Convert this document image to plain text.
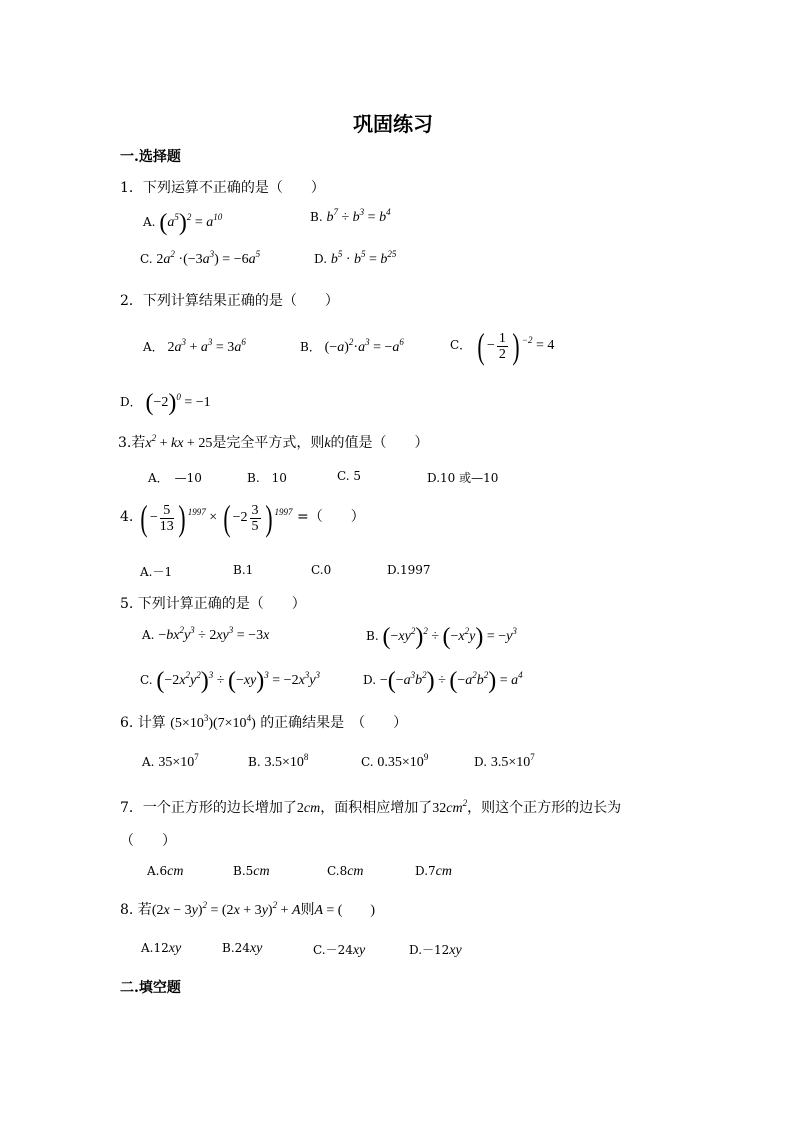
巩固练习
一.选择题
1．下列运算不正确的是（　　）
A. $(a^5)^2 = a^{10}$	B. $b^7 \div b^3 = b^4$
C. $2a^2 \cdot(-3a^3) = -6a^5$	D. $b^5 \cdot b^5 = b^{25}$
2．下列计算结果正确的是（　　）
A． $2a^3 + a^3 = 3a^6$	B． $(-a)^2\cdot a^3 = -a^6$	C． ( − $\frac{1}{2}$ ) $^{-2}$ = 4
D． $(-2)^0 = -1$
3.若$x^2$ + kx + 25是完全平方式，则k的值是（　　）
A．　—10	B.　10	C. 5	D.10 或—10
4. ( − $\frac{5}{13}$ ) $^{1997}$ × ( $-2 \frac{3}{5}$ ) $^{1997}$ =（　　）
A.－1	B.1	C.0	D.1997
5. 下列计算正确的是（　　）
A. $-bx^2y^3 \div 2xy^3 = -3x$	B. $(-xy^2)^2 \div (-x^2y) = -y^3$
C. $(-2x^2y^2)^3 \div (-xy)^3 = -2x^3y^3$	D. $-(-a^3b^2) \div (-a^2b^2) = a^4$
6. 计算 $(5\times 10^3)(7\times 10^4)$ 的正确结果是　（　　）
A. $35\times 10^7$	B. $3.5\times 10^8$	C. $0.35\times 10^9$	D. $3.5\times 10^7$
7．一个正方形的边长增加了2cm，面积相应增加了$32cm^2$，则这个正方形的边长为
（　　）
A.6cm	B.5cm	C.8cm	D.7cm
8. 若$(2x - 3y)^2 = (2x + 3y)^2 + A$则A = (　　)
A.12xy	B.24xy	C.－24xy	D.－12xy
二.填空题
